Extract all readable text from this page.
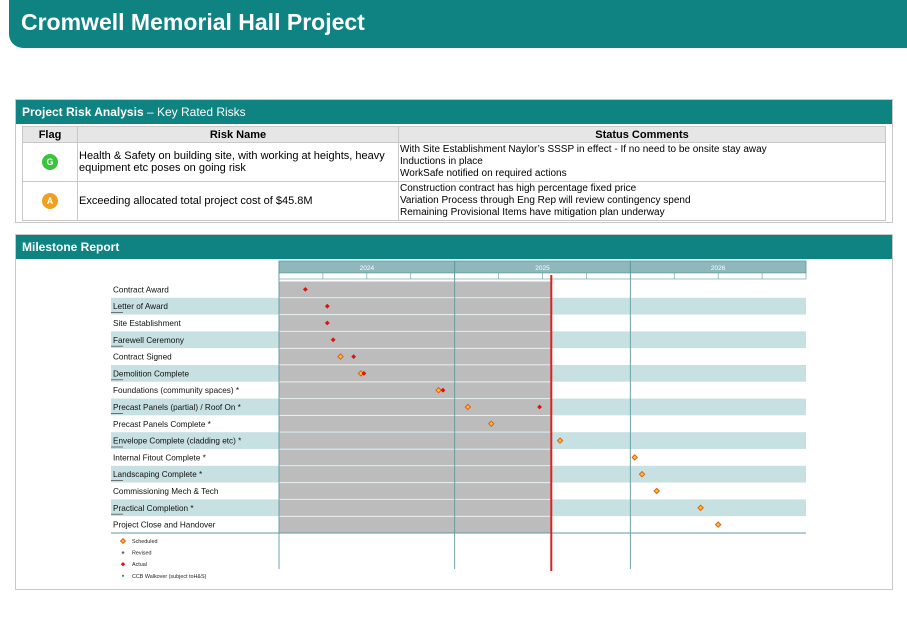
Cromwell Memorial Hall Project
Project Risk Analysis – Key Rated Risks
Flag	Risk Name	Status Comments
G	Health & Safety on building site, with working at heights, heavy equipment etc poses on going risk	With Site Establishment Naylor’s SSSP in effect - If no need to be onsite stay away
Inductions in place
WorkSafe notified on required actions

A	Exceeding allocated total project cost of $45.8M	Construction contract has high percentage fixed price
Variation Process through Eng Rep will review contingency spend
Remaining Provisional Items have mitigation plan underway
Milestone Report
2024	2025	2026
Contract Award
Letter of Award
Site Establishment
Farewell Ceremony
Contract Signed
Demolition Complete
Foundations (community spaces) *
Precast Panels (partial) / Roof On *
Precast Panels Complete *
Envelope Complete (cladding etc) *
Internal Fitout Complete *
Landscaping Complete *
Commissioning Mech & Tech
Practical Completion *
Project Close and Handover
Scheduled
Revised
Actual
CCB Walkover (subject toH&S)
